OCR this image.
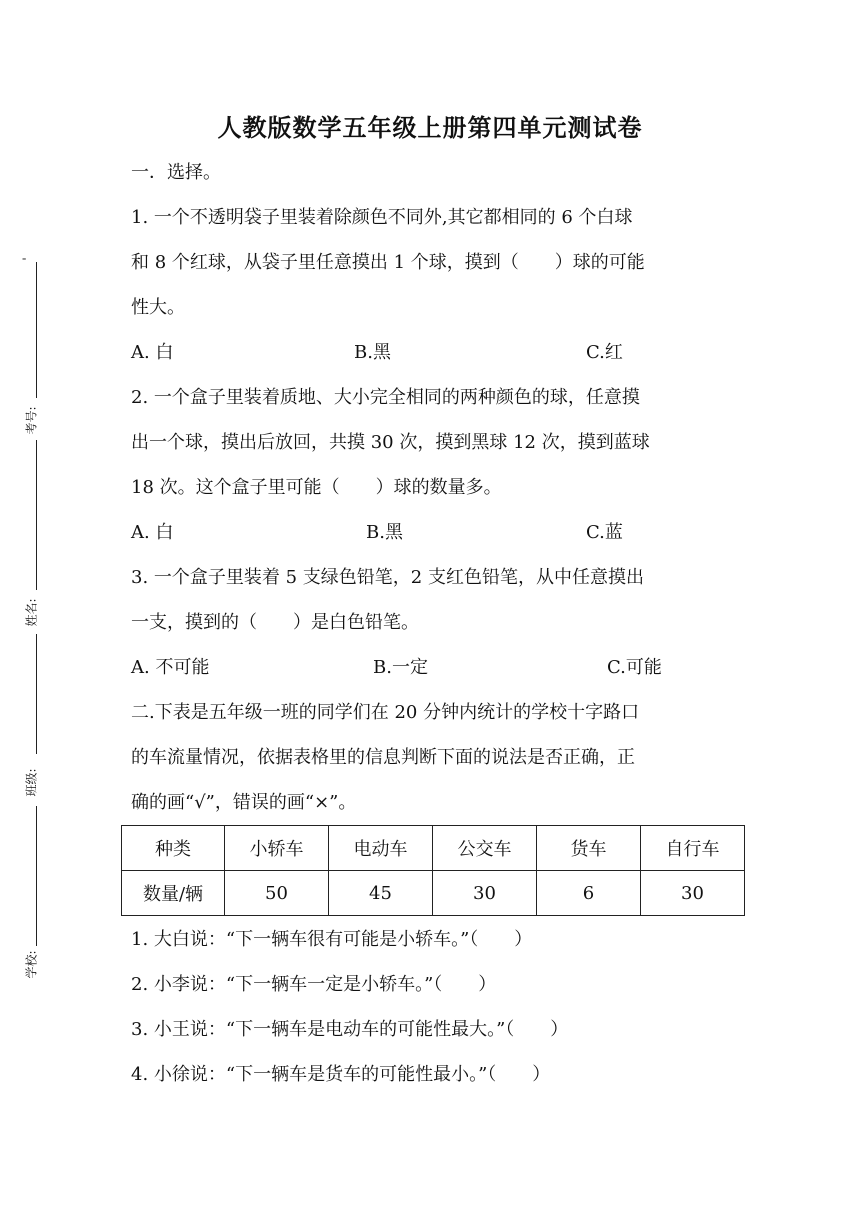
'
考号:
姓名:
班级:
学校:
人教版数学五年级上册第四单元测试卷
一．选择。
1. 一个不透明袋子里装着除颜色不同外,其它都相同的 6 个白球
和 8 个红球，从袋子里任意摸出 1 个球，摸到（　　）球的可能
性大。
A. 白	B.黑	C.红
2. 一个盒子里装着质地、大小完全相同的两种颜色的球，任意摸
出一个球，摸出后放回，共摸 30 次，摸到黑球 12 次，摸到蓝球
18 次。这个盒子里可能（　　）球的数量多。
A. 白	B.黑	C.蓝
3. 一个盒子里装着 5 支绿色铅笔，2 支红色铅笔，从中任意摸出
一支，摸到的（　　）是白色铅笔。
A. 不可能	B.一定	C.可能
二.下表是五年级一班的同学们在 20 分钟内统计的学校十字路口
的车流量情况，依据表格里的信息判断下面的说法是否正确，正
确的画“√”，错误的画“×”。
种类	小轿车	电动车	公交车	货车	自行车
数量/辆	50	45	30	6	30
1. 大白说：“下一辆车很有可能是小轿车。”（　　）
2. 小李说：“下一辆车一定是小轿车。”（　　）
3. 小王说：“下一辆车是电动车的可能性最大。”（　　）
4. 小徐说：“下一辆车是货车的可能性最小。”（　　）
